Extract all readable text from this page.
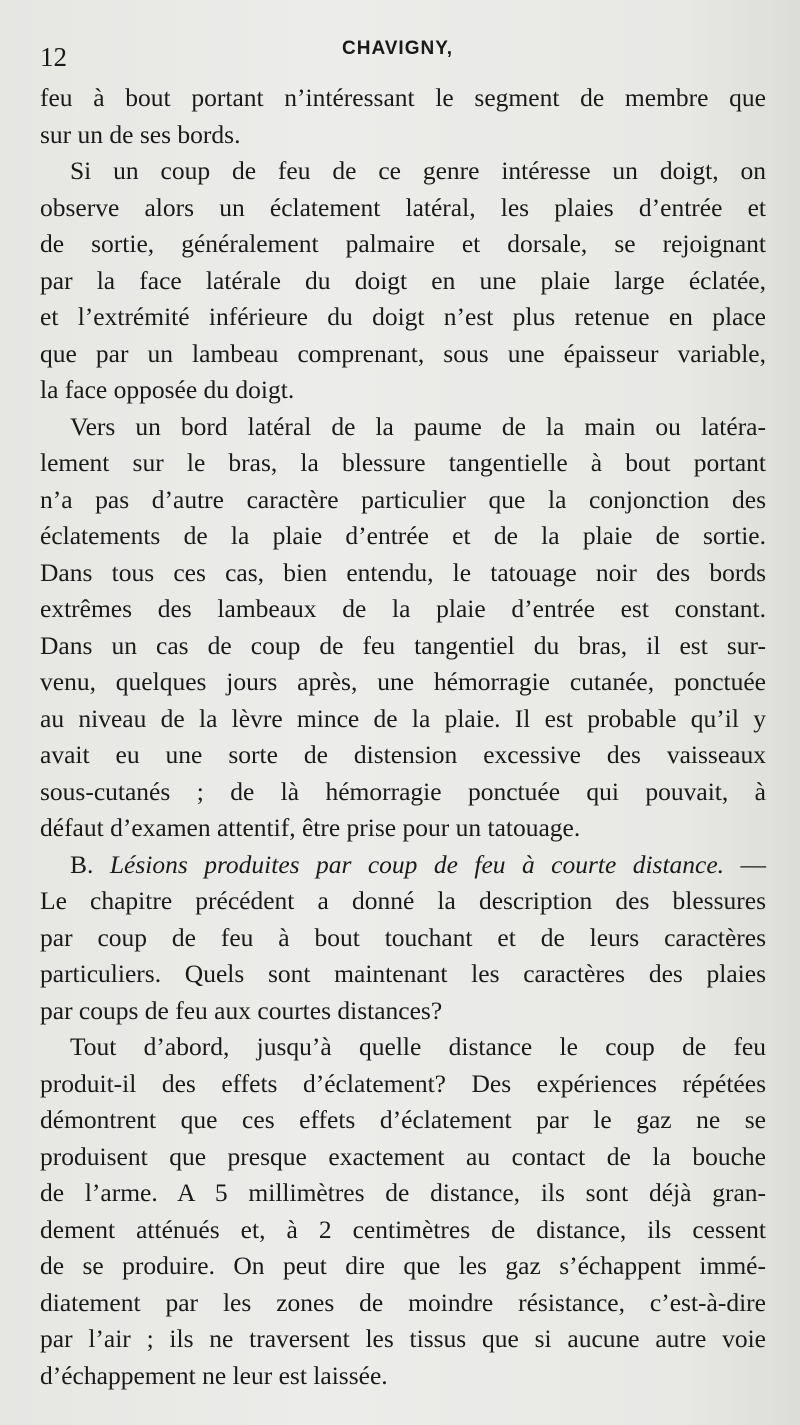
12	CHAVIGNY,
feu à bout portant n’intéressant le segment de membre que
sur un de ses bords.
Si un coup de feu de ce genre intéresse un doigt, on
observe alors un éclatement latéral, les plaies d’entrée et
de sortie, généralement palmaire et dorsale, se rejoignant
par la face latérale du doigt en une plaie large éclatée,
et l’extrémité inférieure du doigt n’est plus retenue en place
que par un lambeau comprenant, sous une épaisseur variable,
la face opposée du doigt.
Vers un bord latéral de la paume de la main ou latéra-
lement sur le bras, la blessure tangentielle à bout portant
n’a pas d’autre caractère particulier que la conjonction des
éclatements de la plaie d’entrée et de la plaie de sortie.
Dans tous ces cas, bien entendu, le tatouage noir des bords
extrêmes des lambeaux de la plaie d’entrée est constant.
Dans un cas de coup de feu tangentiel du bras, il est sur-
venu, quelques jours après, une hémorragie cutanée, ponctuée
au niveau de la lèvre mince de la plaie. Il est probable qu’il y
avait eu une sorte de distension excessive des vaisseaux
sous-cutanés ; de là hémorragie ponctuée qui pouvait, à
défaut d’examen attentif, être prise pour un tatouage.
B. Lésions produites par coup de feu à courte distance. —
Le chapitre précédent a donné la description des blessures
par coup de feu à bout touchant et de leurs caractères
particuliers. Quels sont maintenant les caractères des plaies
par coups de feu aux courtes distances?
Tout d’abord, jusqu’à quelle distance le coup de feu
produit-il des effets d’éclatement? Des expériences répétées
démontrent que ces effets d’éclatement par le gaz ne se
produisent que presque exactement au contact de la bouche
de l’arme. A 5 millimètres de distance, ils sont déjà gran-
dement atténués et, à 2 centimètres de distance, ils cessent
de se produire. On peut dire que les gaz s’échappent immé-
diatement par les zones de moindre résistance, c’est-à-dire
par l’air ; ils ne traversent les tissus que si aucune autre voie
d’échappement ne leur est laissée.
